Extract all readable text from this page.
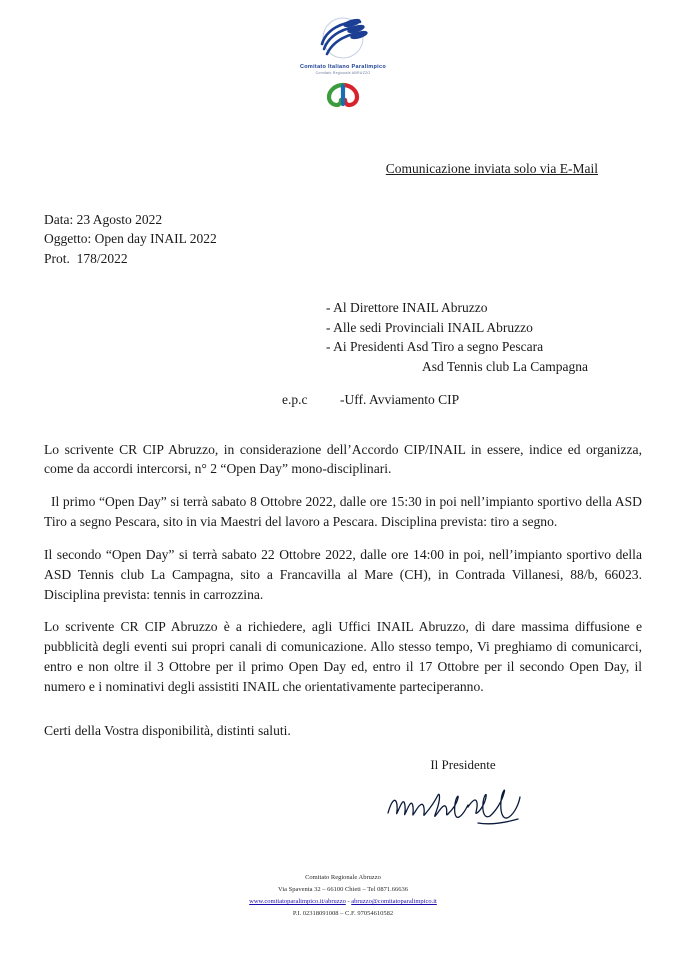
Comitato Italiano Paralimpico
Comitato Regionale ABRUZZO
Comunicazione inviata solo via E-Mail
Data: 23 Agosto 2022
Oggetto: Open day INAIL 2022
Prot.  178/2022
- Al Direttore INAIL Abruzzo
- Alle sedi Provinciali INAIL Abruzzo
- Ai Presidenti Asd Tiro a segno Pescara
Asd Tennis club La Campagna
e.p.c	-Uff. Avviamento CIP

Lo scrivente CR CIP Abruzzo, in considerazione dell’Accordo CIP/INAIL in essere, indice ed organizza, come da accordi intercorsi, n° 2 “Open Day” mono-disciplinari.

Il primo “Open Day” si terrà sabato 8 Ottobre 2022, dalle ore 15:30 in poi nell’impianto sportivo della ASD Tiro a segno Pescara, sito in via Maestri del lavoro a Pescara. Disciplina prevista: tiro a segno.

Il secondo “Open Day” si terrà sabato 22 Ottobre 2022, dalle ore 14:00 in poi, nell’impianto sportivo della ASD Tennis club La Campagna, sito a Francavilla al Mare (CH), in Contrada Villanesi, 88/b, 66023. Disciplina prevista: tennis in carrozzina.

Lo scrivente CR CIP Abruzzo è a richiedere, agli Uffici INAIL Abruzzo, di dare massima diffusione e pubblicità degli eventi sui propri canali di comunicazione. Allo stesso tempo, Vi preghiamo di comunicarci, entro e non oltre il 3 Ottobre per il primo Open Day ed, entro il 17 Ottobre per il secondo Open Day, il numero e i nominativi degli assistiti INAIL che orientativamente parteciperanno.

Certi della Vostra disponibilità, distinti saluti.
Il Presidente
Comitato Regionale Abruzzo
Via Spaventa 32 – 66100 Chieti – Tel 0871.66636
www.comitatoparalimpico.it/abruzzo - abruzzo@comitatoparalimpico.it
P.I. 02318091008 – C.F. 97054610582
